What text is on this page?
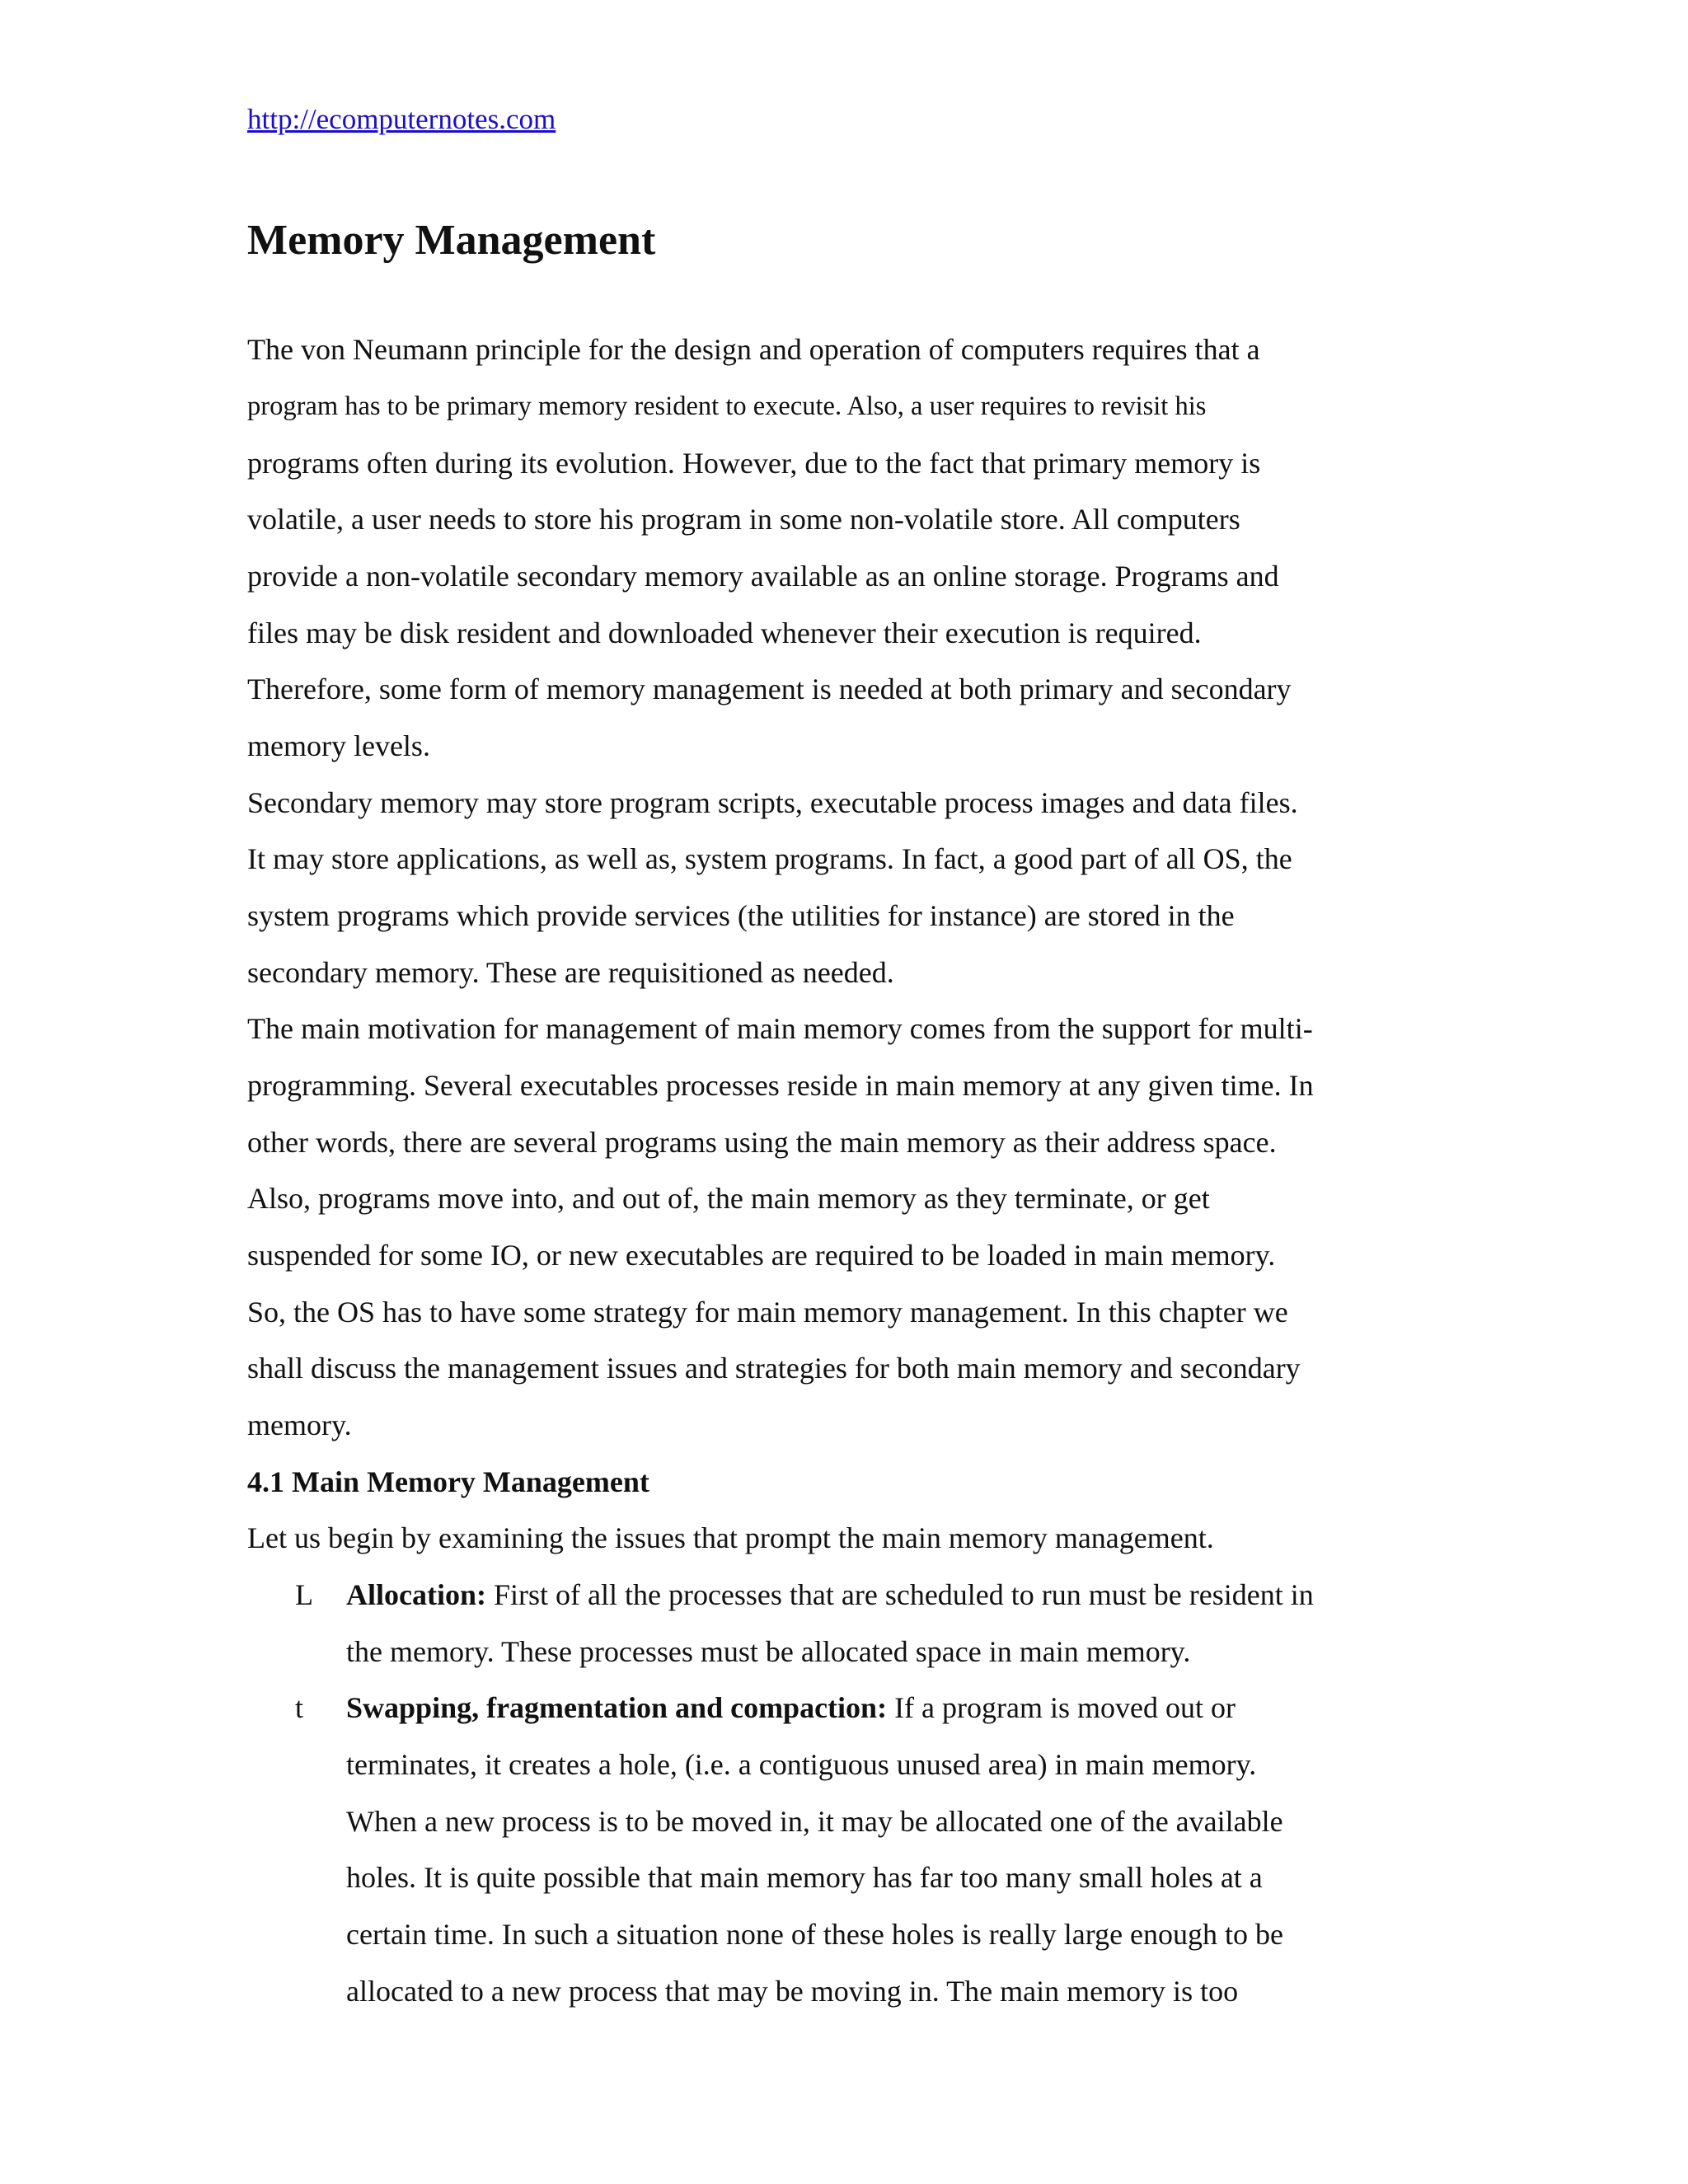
http://ecomputernotes.com
Memory Management
The von Neumann principle for the design and operation of computers requires that a
program has to be primary memory resident to execute. Also, a user requires to revisit his
programs often during its evolution. However, due to the fact that primary memory is
volatile, a user needs to store his program in some non-volatile store. All computers
provide a non-volatile secondary memory available as an online storage. Programs and
files may be disk resident and downloaded whenever their execution is required.
Therefore, some form of memory management is needed at both primary and secondary
memory levels.
Secondary memory may store program scripts, executable process images and data files.
It may store applications, as well as, system programs. In fact, a good part of all OS, the
system programs which provide services (the utilities for instance) are stored in the
secondary memory. These are requisitioned as needed.
The main motivation for management of main memory comes from the support for multi-
programming. Several executables processes reside in main memory at any given time. In
other words, there are several programs using the main memory as their address space.
Also, programs move into, and out of, the main memory as they terminate, or get
suspended for some IO, or new executables are required to be loaded in main memory.
So, the OS has to have some strategy for main memory management. In this chapter we
shall discuss the management issues and strategies for both main memory and secondary
memory.
4.1 Main Memory Management
Let us begin by examining the issues that prompt the main memory management.
L Allocation: First of all the processes that are scheduled to run must be resident in
the memory. These processes must be allocated space in main memory.
t Swapping, fragmentation and compaction: If a program is moved out or
terminates, it creates a hole, (i.e. a contiguous unused area) in main memory.
When a new process is to be moved in, it may be allocated one of the available
holes. It is quite possible that main memory has far too many small holes at a
certain time. In such a situation none of these holes is really large enough to be
allocated to a new process that may be moving in. The main memory is too
